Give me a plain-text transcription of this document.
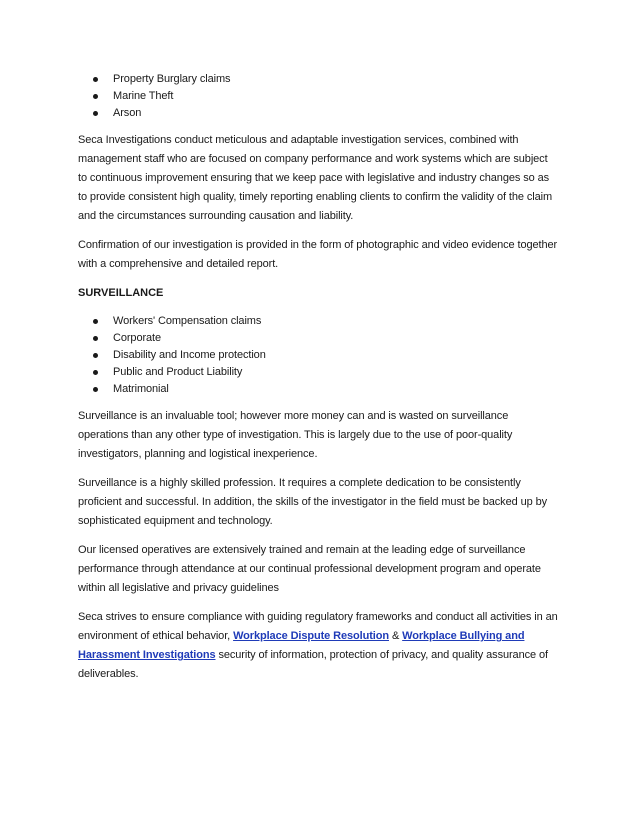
Property Burglary claims
Marine Theft
Arson

Seca Investigations conduct meticulous and adaptable investigation services, combined with management staff who are focused on company performance and work systems which are subject to continuous improvement ensuring that we keep pace with legislative and industry changes so as to provide consistent high quality, timely reporting enabling clients to confirm the validity of the claim and the circumstances surrounding causation and liability.

Confirmation of our investigation is provided in the form of photographic and video evidence together with a comprehensive and detailed report.

SURVEILLANCE
Workers' Compensation claims
Corporate
Disability and Income protection
Public and Product Liability
Matrimonial

Surveillance is an invaluable tool; however more money can and is wasted on surveillance operations than any other type of investigation. This is largely due to the use of poor-quality investigators, planning and logistical inexperience.

Surveillance is a highly skilled profession. It requires a complete dedication to be consistently proficient and successful. In addition, the skills of the investigator in the field must be backed up by sophisticated equipment and technology.

Our licensed operatives are extensively trained and remain at the leading edge of surveillance performance through attendance at our continual professional development program and operate within all legislative and privacy guidelines

Seca strives to ensure compliance with guiding regulatory frameworks and conduct all activities in an environment of ethical behavior, Workplace Dispute Resolution & Workplace Bullying and Harassment Investigations security of information, protection of privacy, and quality assurance of deliverables.
